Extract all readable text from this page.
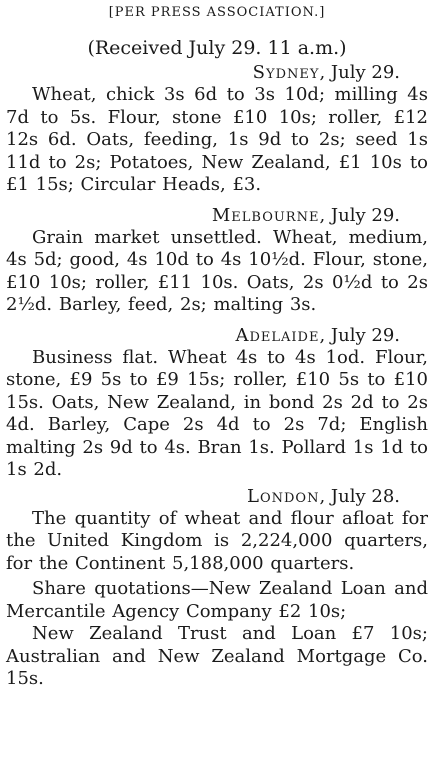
[PER PRESS ASSOCIATION.]

(Received July 29. 11 a.m.)

Sydney, July 29.

Wheat, chick 3s 6d to 3s 10d; milling 4s 7d to 5s. Flour, stone £10 10s; roller, £12 12s 6d. Oats, feeding, 1s 9d to 2s; seed 1s 11d to 2s; Potatoes, New Zealand, £1 10s to £1 15s; Circular Heads, £3.

Melbourne, July 29.

Grain market unsettled. Wheat, medium, 4s 5d; good, 4s 10d to 4s 10½d. Flour, stone, £10 10s; roller, £11 10s. Oats, 2s 0½d to 2s 2½d. Barley, feed, 2s; malting 3s.

Adelaide, July 29.

Business flat. Wheat 4s to 4s 1od. Flour, stone, £9 5s to £9 15s; roller, £10 5s to £10 15s. Oats, New Zealand, in bond 2s 2d to 2s 4d. Barley, Cape 2s 4d to 2s 7d; English malting 2s 9d to 4s. Bran 1s. Pollard 1s 1d to 1s 2d.

London, July 28.

The quantity of wheat and flour afloat for the United Kingdom is 2,224,000 quarters, for the Continent 5,188,000 quarters.

Share quotations—New Zealand Loan and Mercantile Agency Company £2 10s;

New Zealand Trust and Loan £7 10s; Australian and New Zealand Mortgage Co. 15s.
